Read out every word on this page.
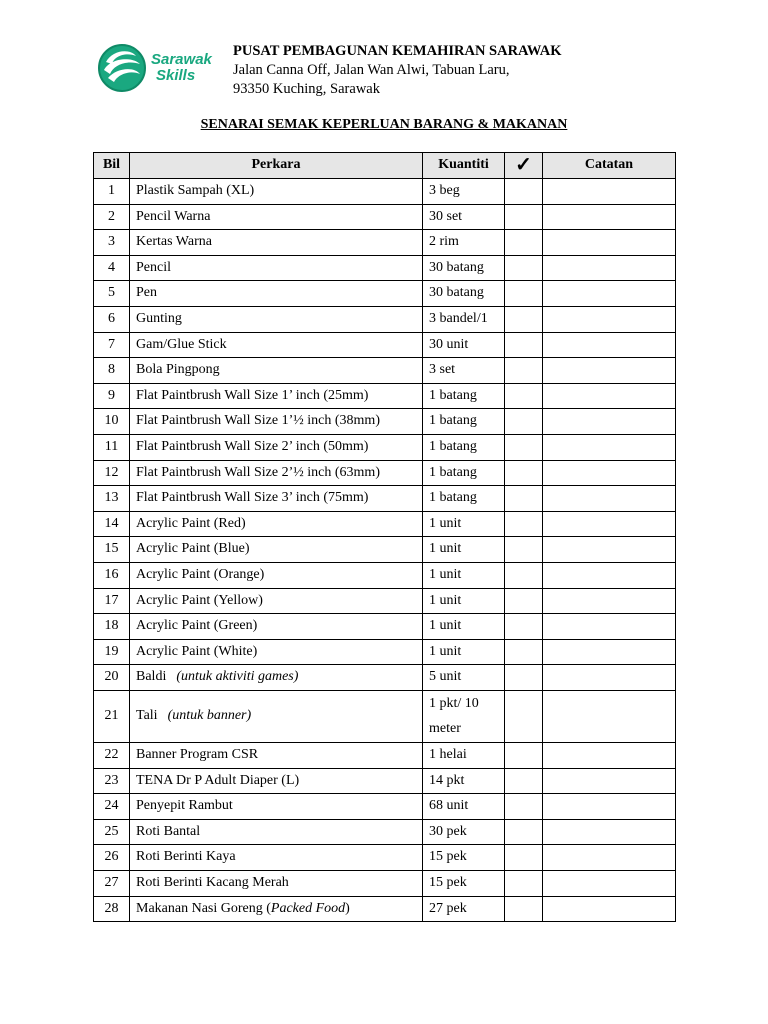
Sarawak
Skills
PUSAT PEMBAGUNAN KEMAHIRAN SARAWAK
Jalan Canna Off, Jalan Wan Alwi, Tabuan Laru,
93350 Kuching, Sarawak
SENARAI SEMAK KEPERLUAN BARANG & MAKANAN
Bil	Perkara	Kuantiti	✓	Catatan
1	Plastik Sampah (XL)	3 beg		
2	Pencil Warna	30 set		
3	Kertas Warna	2 rim		
4	Pencil	30 batang		
5	Pen	30 batang		
6	Gunting	3 bandel/1		
7	Gam/Glue Stick	30 unit		
8	Bola Pingpong	3 set		
9	Flat Paintbrush Wall Size 1’ inch (25mm)	1 batang		
10	Flat Paintbrush Wall Size 1’½ inch (38mm)	1 batang		
11	Flat Paintbrush Wall Size 2’ inch (50mm)	1 batang		
12	Flat Paintbrush Wall Size 2’½ inch (63mm)	1 batang		
13	Flat Paintbrush Wall Size 3’ inch (75mm)	1 batang		
14	Acrylic Paint (Red)	1 unit		
15	Acrylic Paint (Blue)	1 unit		
16	Acrylic Paint (Orange)	1 unit		
17	Acrylic Paint (Yellow)	1 unit		
18	Acrylic Paint (Green)	1 unit		
19	Acrylic Paint (White)	1 unit		
20	Baldi (untuk aktiviti games)	5 unit		
21	Tali (untuk banner)	1 pkt/ 10 meter		
22	Banner Program CSR	1 helai		
23	TENA Dr P Adult Diaper (L)	14 pkt		
24	Penyepit Rambut	68 unit		
25	Roti Bantal	30 pek		
26	Roti Berinti Kaya	15 pek		
27	Roti Berinti Kacang Merah	15 pek		
28	Makanan Nasi Goreng (Packed Food)	27 pek		
